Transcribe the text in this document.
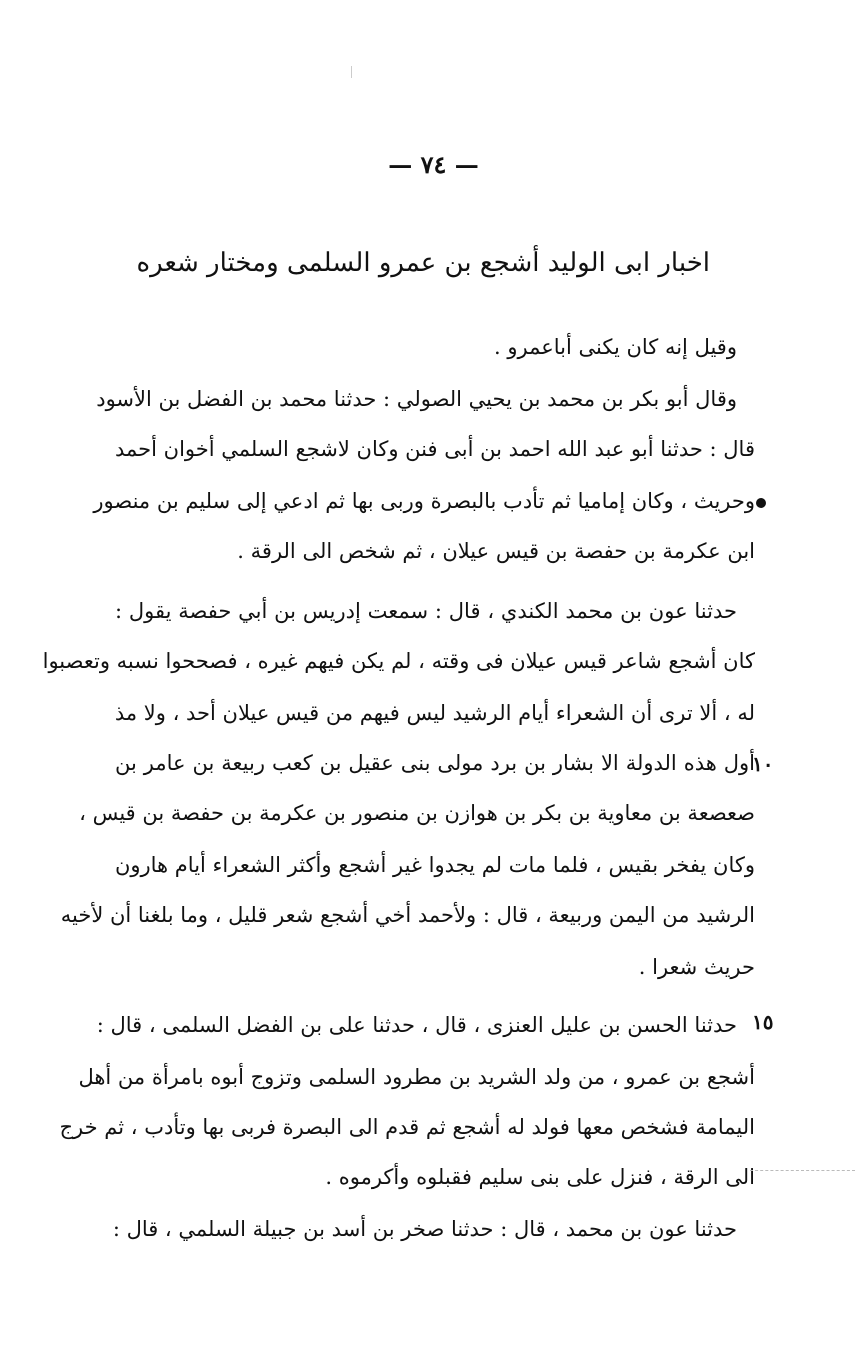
— ٧٤ —
اخبار ابى الوليد أشجع بن عمرو السلمى ومختار شعره
وقيل إنه كان يكنى أباعمرو .
وقال أبو بكر بن محمد بن يحيي الصولي : حدثنا محمد بن الفضل بن الأسود
قال : حدثنا أبو عبد الله احمد بن أبى فنن وكان لاشجع السلمي أخوان أحمد
وحريث ، وكان إماميا ثم تأدب بالبصرة وربى بها ثم ادعي إلى سليم بن منصور
ابن عكرمة بن حفصة بن قيس عيلان ، ثم شخص الى الرقة .
حدثنا عون بن محمد الكندي ، قال : سمعت إدريس بن أبي حفصة يقول :
كان أشجع شاعر قيس عيلان فى وقته ، لم يكن فيهم غيره ، فصححوا نسبه وتعصبوا
له ، ألا ترى أن الشعراء أيام الرشيد ليس فيهم من قيس عيلان أحد ، ولا مذ
أول هذه الدولة الا بشار بن برد مولى بنى عقيل بن كعب ربيعة بن عامر بن
صعصعة بن معاوية بن بكر بن هوازن بن منصور بن عكرمة بن حفصة بن قيس ،
وكان يفخر بقيس ، فلما مات لم يجدوا غير أشجع وأكثر الشعراء أيام هارون
الرشيد من اليمن وربيعة ، قال : ولأحمد أخي أشجع شعر قليل ، وما بلغنا أن لأخيه
حريث شعرا .
حدثنا الحسن بن عليل العنزى ، قال ، حدثنا على بن الفضل السلمى ، قال :
أشجع بن عمرو ، من ولد الشريد بن مطرود السلمى وتزوج أبوه بامرأة من أهل
اليمامة فشخص معها فولد له أشجع ثم قدم الى البصرة فربى بها وتأدب ، ثم خرج
الى الرقة ، فنزل على بنى سليم فقبلوه وأكرموه .
حدثنا عون بن محمد ، قال : حدثنا صخر بن أسد بن جبيلة السلمي ، قال :
١٠
١٥
